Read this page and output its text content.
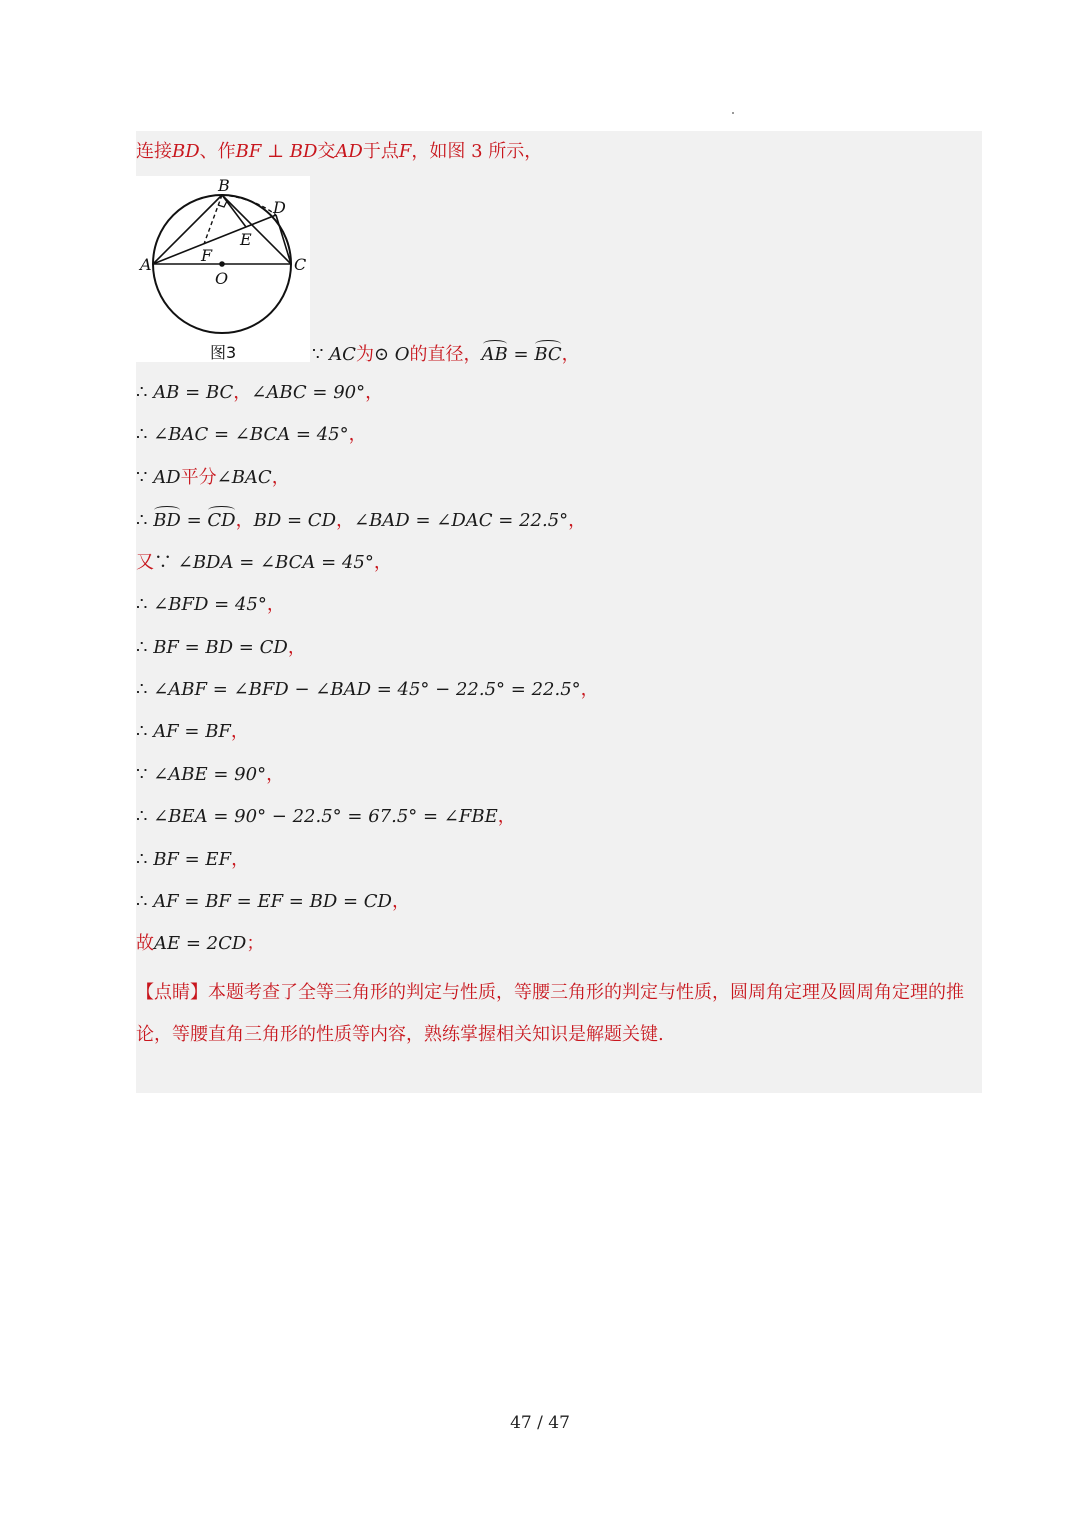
连接BD、作BF ⊥ BD交AD于点F，如图 3 所示，
B
D
E
F
A	C
O
图3	∵ AC为⊙ O的直径，AB = BC，
∴ AB = BC，∠ABC = 90°，
∴ ∠BAC = ∠BCA = 45°，
∵ AD平分∠BAC，
∴ BD = CD，BD = CD，∠BAD = ∠DAC = 22.5°，
又∵ ∠BDA = ∠BCA = 45°，
∴ ∠BFD = 45°，
∴ BF = BD = CD，
∴ ∠ABF = ∠BFD − ∠BAD = 45° − 22.5° = 22.5°，
∴ AF = BF，
∵ ∠ABE = 90°，
∴ ∠BEA = 90° − 22.5° = 67.5° = ∠FBE，
∴ BF = EF，
∴ AF = BF = EF = BD = CD，
故AE = 2CD；
【点睛】本题考查了全等三角形的判定与性质，等腰三角形的判定与性质，圆周角定理及圆周角定理的推论，等腰直角三角形的性质等内容，熟练掌握相关知识是解题关键.
47 / 47
